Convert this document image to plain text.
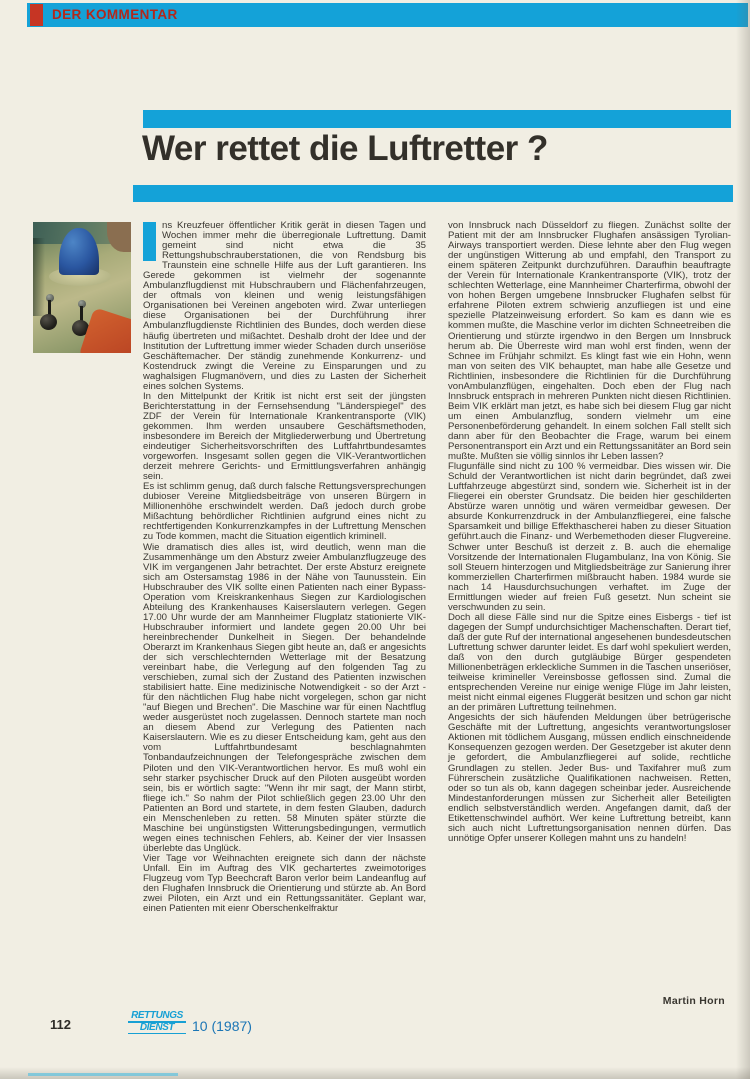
DER KOMMENTAR
Wer rettet die Luftretter ?

ns Kreuzfeuer öffentlicher Kritik gerät in diesen Tagen und Wochen immer mehr die überregionale Luftrettung. Damit gemeint sind nicht etwa die 35 Rettungshubschrauberstationen, die von Rendsburg bis Traunstein eine schnelle Hilfe aus der Luft garantieren. Ins Gerede gekommen ist vielmehr der sogenannte Ambulanzflugdienst mit Hubschraubern und Flächenfahrzeugen, der oftmals von kleinen und wenig leistungsfähigen Organisationen bei Vereinen angeboten wird. Zwar unterliegen diese Organisationen bei der Durchführung ihrer Ambulanzflugdienste Richtlinien des Bundes, doch werden diese häufig übertreten und mißachtet. Deshalb droht der Idee und der Institution der Luftrettung immer wieder Schaden durch unseriöse Geschäftemacher. Der ständig zunehmende Konkurrenz- und Kostendruck zwingt die Vereine zu Einsparungen und zu waghalsigen Flugmanövern, und dies zu Lasten der Sicherheit eines solchen Systems.

In den Mittelpunkt der Kritik ist nicht erst seit der jüngsten Berichterstattung in der Fernsehsendung "Länderspiegel" des ZDF der Verein für Internationale Krankentransporte (VIK) gekommen. Ihm werden unsaubere Geschäftsmethoden, insbesondere im Bereich der Mitgliederwerbung und Übertretung eindeutiger Sicherheitsvorschriften des Luftfahrtbundesamtes vorgeworfen. Insgesamt sollen gegen die VIK-Verantwortlichen derzeit mehrere Gerichts- und Ermittlungsverfahren anhängig sein.

Es ist schlimm genug, daß durch falsche Rettungsversprechungen dubioser Vereine Mitgliedsbeiträge von unseren Bürgern in Millionenhöhe erschwindelt werden. Daß jedoch durch grobe Mißachtung behördlicher Richtlinien aufgrund eines nicht zu rechtfertigenden Konkurrenzkampfes in der Luftrettung Menschen zu Tode kommen, macht die Situation eigentlich kriminell.

Wie dramatisch dies alles ist, wird deutlich, wenn man die Zusammenhänge um den Absturz zweier Ambulanzflugzeuge des VIK im vergangenen Jahr betrachtet. Der erste Absturz ereignete sich am Ostersamstag 1986 in der Nähe von Taunusstein. Ein Hubschrauber des VIK sollte einen Patienten nach einer Bypass-Operation vom Kreiskrankenhaus Siegen zur Kardiologischen Abteilung des Krankenhauses Kaiserslautern verlegen. Gegen 17.00 Uhr wurde der am Mannheimer Flugplatz stationierte VIK-Hubschrauber informiert und landete gegen 20.00 Uhr bei hereinbrechender Dunkelheit in Siegen. Der behandelnde Oberarzt im Krankenhaus Siegen gibt heute an, daß er angesichts der sich verschlechternden Wetterlage mit der Besatzung vereinbart habe, die Verlegung auf den folgenden Tag zu verschieben, zumal sich der Zustand des Patienten inzwischen stabilisiert hatte. Eine medizinische Notwendigkeit - so der Arzt - für den nächtlichen Flug habe nicht vorgelegen, schon gar nicht "auf Biegen und Brechen". Die Maschine war für einen Nachtflug weder ausgerüstet noch zugelassen. Dennoch startete man noch an diesem Abend zur Verlegung des Patienten nach Kaiserslautern. Wie es zu dieser Entscheidung kam, geht aus den vom Luftfahrtbundesamt beschlagnahmten Tonbandaufzeichnungen der Telefongespräche zwischen dem Piloten und den VIK-Verantwortlichen hervor. Es muß wohl ein sehr starker psychischer Druck auf den Piloten ausgeübt worden sein, bis er wörtlich sagte: "Wenn ihr mir sagt, der Mann stirbt, fliege ich." So nahm der Pilot schließlich gegen 23.00 Uhr den Patienten an Bord und startete, in dem festen Glauben, dadurch ein Menschenleben zu retten. 58 Minuten später stürzte die Maschine bei ungünstigsten Witterungsbedingungen, vermutlich wegen eines technischen Fehlers, ab. Keiner der vier Insassen überlebte das Unglück.

Vier Tage vor Weihnachten ereignete sich dann der nächste Unfall. Ein im Auftrag des VIK gechartertes zweimotoriges Flugzeug vom Typ Beechcraft Baron verlor beim Landeanflug auf den Flughafen Innsbruck die Orientierung und stürzte ab. An Bord zwei Piloten, ein Arzt und ein Rettungssanitäter. Geplant war, einen Patienten mit eienr Oberschenkelfraktur

von Innsbruck nach Düsseldorf zu fliegen. Zunächst sollte der Patient mit der am Innsbrucker Flughafen ansässigen Tyrolian-Airways transportiert werden. Diese lehnte aber den Flug wegen der ungünstigen Witterung ab und empfahl, den Transport zu einem späteren Zeitpunkt durchzuführen. Daraufhin beauftragte der Verein für Internationale Krankentransporte (VIK), trotz der schlechten Wetterlage, eine Mannheimer Charterfirma, obwohl der von hohen Bergen umgebene Innsbrucker Flughafen selbst für erfahrene Piloten extrem schwierig anzufliegen ist und eine spezielle Platzeinweisung erfordert. So kam es dann wie es kommen mußte, die Maschine verlor im dichten Schneetreiben die Orientierung und stürzte irgendwo in den Bergen um Innsbruck herum ab. Die Überreste wird man wohl erst finden, wenn der Schnee im Frühjahr schmilzt. Es klingt fast wie ein Hohn, wenn man von seiten des VIK behauptet, man habe alle Gesetze und Richtlinien, insbesondere die Richtlinien für die Durchführung vonAmbulanzflügen, eingehalten. Doch eben der Flug nach Innsbruck entsprach in mehreren Punkten nicht diesen Richtlinien. Beim VIK erklärt man jetzt, es habe sich bei diesem Flug gar nicht um einen Ambulanzflug, sondern vielmehr um eine Personenbeförderung gehandelt. In einem solchen Fall stellt sich dann aber für den Beobachter die Frage, warum bei einem Personentransport ein Arzt und ein Rettungssanitäter an Bord sein mußte. Mußten sie völlig sinnlos ihr Leben lassen?

Flugunfälle sind nicht zu 100 % vermeidbar. Dies wissen wir. Die Schuld der Verantwortlichen ist nicht darin begründet, daß zwei Luftfahrzeuge abgestürzt sind, sondern wie. Sicherheit ist in der Fliegerei ein oberster Grundsatz. Die beiden hier geschilderten Abstürze waren unnötig und wären vermeidbar gewesen. Der absurde Konkurrenzdruck in der Ambulanzfliegerei, eine falsche Sparsamkeit und billige Effekthascherei haben zu dieser Situation geführt.auch die Finanz- und Werbemethoden dieser Flugvereine. Schwer unter Beschuß ist derzeit z. B. auch die ehemalige Vorsitzende der Internationalen Flugambulanz, Ina von König. Sie soll Steuern hinterzogen und Mitgliedsbeiträge zur Sanierung ihrer kommerziellen Charterfirmen mißbraucht haben. 1984 wurde sie nach 14 Hausdurchsuchungen verhaftet. im Zuge der Ermittlungen wieder auf freien Fuß gesetzt. Nun scheint sie verschwunden zu sein.

Doch all diese Fälle sind nur die Spitze eines Eisbergs - tief ist dagegen der Sumpf undurchsichtiger Machenschaften. Derart tief, daß der gute Ruf der international angesehenen bundesdeutschen Luftrettung schwer darunter leidet. Es darf wohl spekuliert werden, daß von den durch gutgläubige Bürger gespendeten Millionenbeträgen erkleckliche Summen in die Taschen unseriöser, teilweise krimineller Vereinsbosse geflossen sind. Zumal die entsprechenden Vereine nur einige wenige Flüge im Jahr leisten, meist nicht einmal eigenes Fluggerät besitzen und schon gar nicht an der primären Luftrettung teilnehmen.

Angesichts der sich häufenden Meldungen über betrügerische Geschäfte mit der Luftrettung, angesichts verantwortungsloser Aktionen mit tödlichem Ausgang, müssen endlich einschneidende Konsequenzen gezogen werden. Der Gesetzgeber ist akuter denn je gefordert, die Ambulanzfliegerei auf solide, rechtliche Grundlagen zu stellen. Jeder Bus- und Taxifahrer muß zum Führerschein zusätzliche Qualifikationen nachweisen. Retten, oder so tun als ob, kann dagegen scheinbar jeder. Ausreichende Mindestanforderungen müssen zur Sicherheit aller Beteiligten endlich selbstverständlich werden. Angefangen damit, daß der Etikettenschwindel aufhört. Wer keine Luftrettung betreibt, kann sich auch nicht Luftrettungsorganisation nennen dürfen. Das unnötige Opfer unserer Kollegen mahnt uns zu handeln!

Martin Horn
112
RETTUNGS
DIENST	10 (1987)
